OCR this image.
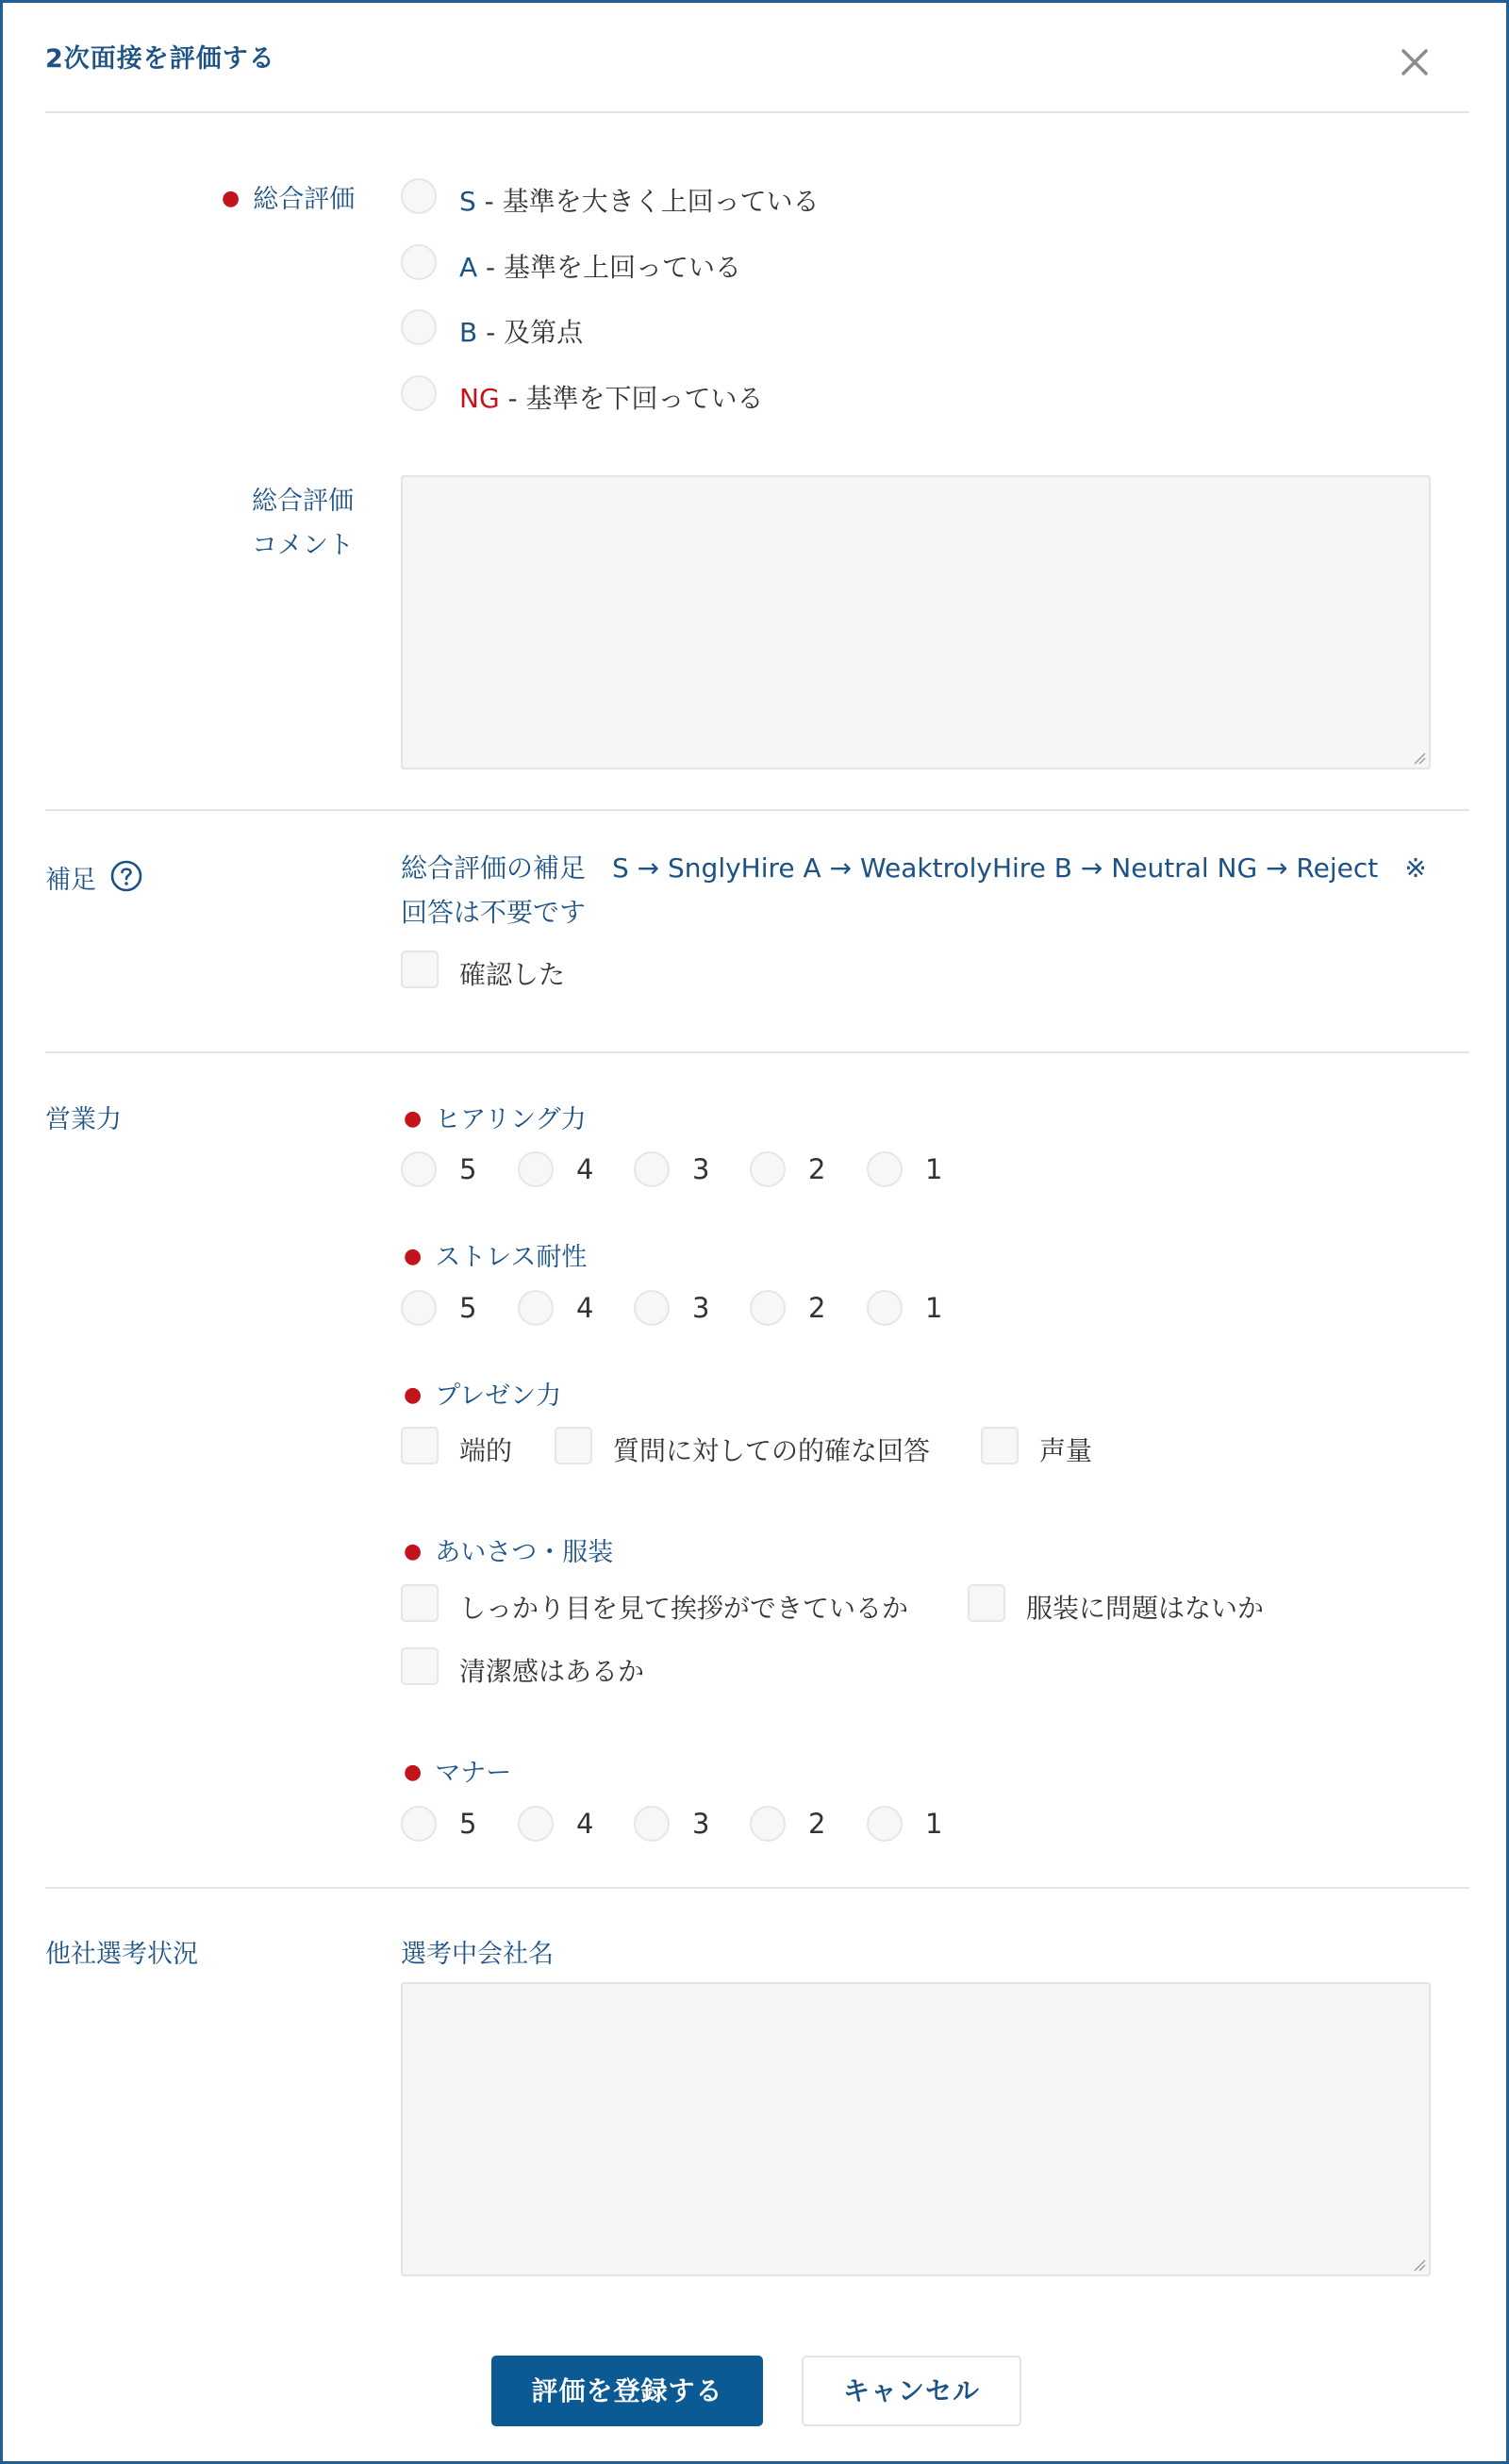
2次面接を評価する
● 総合評価	S - 基準を大きく上回っている
A - 基準を上回っている
B - 及第点
NG - 基準を下回っている
総合評価
コメント
補足	総合評価の補足　S → SnglyHire A → WeaktrolyHire B → Neutral NG → Reject　※回答は不要です
確認した
営業力	● ヒアリング力
5	4	3	2	1
● ストレス耐性
5	4	3	2	1
● プレゼン力
端的	質問に対しての的確な回答	声量
● あいさつ・服装
しっかり目を見て挨拶ができているか	服装に問題はないか
清潔感はあるか
● マナー
5	4	3	2	1
他社選考状況	選考中会社名
評価を登録する	キャンセル
